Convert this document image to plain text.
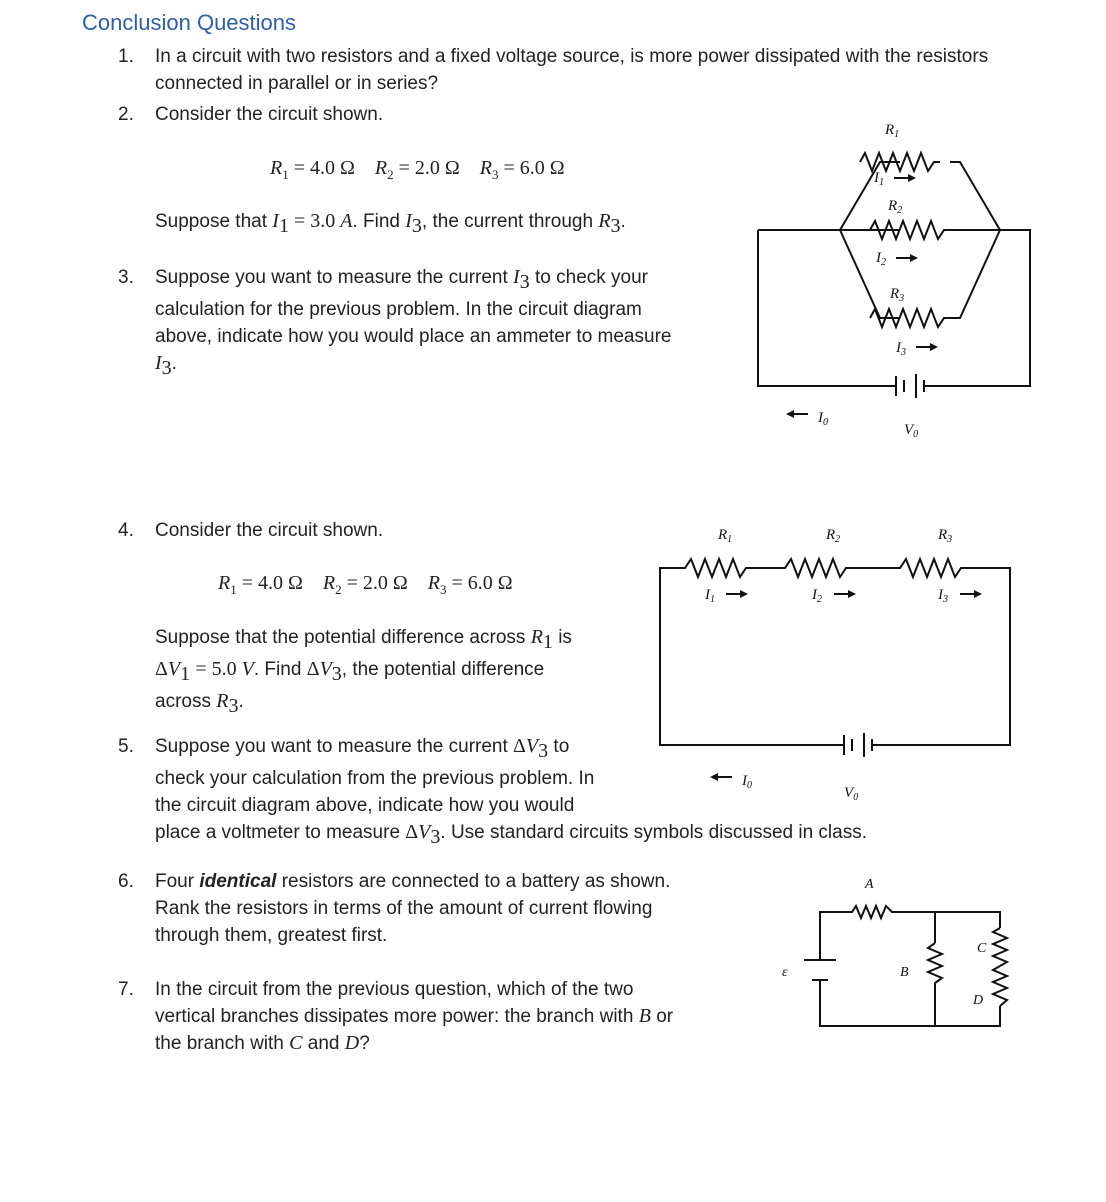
Conclusion Questions
1. In a circuit with two resistors and a fixed voltage source, is more power dissipated with the resistors connected in parallel or in series?
2. Consider the circuit shown.
$R_1 = 4.0$ Ω $R_2 = 2.0$ Ω $R_3 = 6.0$ Ω
Suppose that $I_1 = 3.0$ A. Find $I_3$, the current through $R_3$.
3. Suppose you want to measure the current $I_3$ to check your
calculation for the previous problem. In the circuit diagram
above, indicate how you would place an ammeter to measure
$I_3$.
$R_1$
$R_2$
$R_3$
$I_1$
$I_2$
$I_3$
$I_0$	$V_0$
4. Consider the circuit shown.
$R_1 = 4.0$ Ω $R_2 = 2.0$ Ω $R_3 = 6.0$ Ω
Suppose that the potential difference across $R_1$ is
$\Delta V_1 = 5.0$ V. Find $\Delta V_3$, the potential difference
across $R_3$.
$R_1$	$R_2$	$R_3$
$I_1$	$I_2$	$I_3$
$I_0$	$V_0$
5. Suppose you want to measure the current $\Delta V_3$ to
check your calculation from the previous problem. In
the circuit diagram above, indicate how you would
place a voltmeter to measure $\Delta V_3$. Use standard circuits symbols discussed in class.
6. Four identical resistors are connected to a battery as shown.
Rank the resistors in terms of the amount of current flowing
through them, greatest first.
A
B
C
D
ε
7. In the circuit from the previous question, which of the two
vertical branches dissipates more power: the branch with B or
the branch with C and D?
